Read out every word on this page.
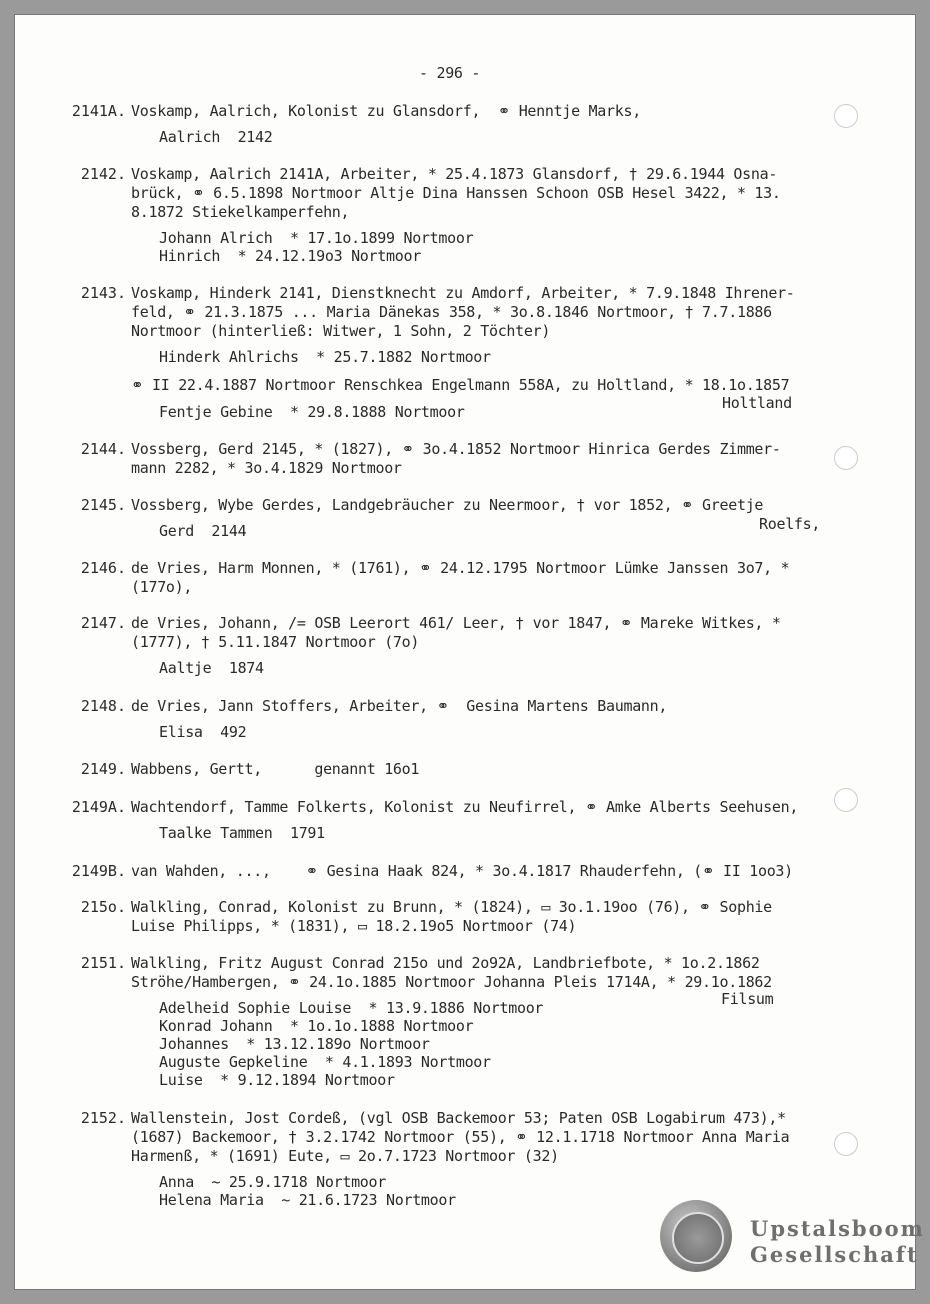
- 296 -
2141A. Voskamp, Aalrich, Kolonist zu Glansdorf,  ⚭ Henntje Marks,
Aalrich  2142
2142. Voskamp, Aalrich 2141A, Arbeiter, * 25.4.1873 Glansdorf, † 29.6.1944 Osna-
brück, ⚭ 6.5.1898 Nortmoor Altje Dina Hanssen Schoon OSB Hesel 3422, * 13.
8.1872 Stiekelkamperfehn,
Johann Alrich  * 17.1o.1899 Nortmoor
Hinrich  * 24.12.19o3 Nortmoor
2143. Voskamp, Hinderk 2141, Dienstknecht zu Amdorf, Arbeiter, * 7.9.1848 Ihrener-
feld, ⚭ 21.3.1875 ... Maria Dänekas 358, * 3o.8.1846 Nortmoor, † 7.7.1886
Nortmoor (hinterließ: Witwer, 1 Sohn, 2 Töchter)
Hinderk Ahlrichs  * 25.7.1882 Nortmoor
⚭ II 22.4.1887 Nortmoor Renschkea Engelmann 558A, zu Holtland, * 18.1o.1857
Holtland
Fentje Gebine  * 29.8.1888 Nortmoor
2144. Vossberg, Gerd 2145, * (1827), ⚭ 3o.4.1852 Nortmoor Hinrica Gerdes Zimmer-
mann 2282, * 3o.4.1829 Nortmoor
2145. Vossberg, Wybe Gerdes, Landgebräucher zu Neermoor, † vor 1852, ⚭ Greetje
Roelfs,
Gerd  2144
2146. de Vries, Harm Monnen, * (1761), ⚭ 24.12.1795 Nortmoor Lümke Janssen 3o7, *
(177o),
2147. de Vries, Johann, /= OSB Leerort 461/ Leer, † vor 1847, ⚭ Mareke Witkes, *
(1777), † 5.11.1847 Nortmoor (7o)
Aaltje  1874
2148. de Vries, Jann Stoffers, Arbeiter, ⚭  Gesina Martens Baumann,
Elisa  492
2149. Wabbens, Gertt,      genannt 16o1
2149A. Wachtendorf, Tamme Folkerts, Kolonist zu Neufirrel, ⚭ Amke Alberts Seehusen,
Taalke Tammen  1791
2149B. van Wahden, ...,    ⚭ Gesina Haak 824, * 3o.4.1817 Rhauderfehn, (⚭ II 1oo3)
215o. Walkling, Conrad, Kolonist zu Brunn, * (1824), ▭ 3o.1.19oo (76), ⚭ Sophie
Luise Philipps, * (1831), ▭ 18.2.19o5 Nortmoor (74)
2151. Walkling, Fritz August Conrad 215o und 2o92A, Landbriefbote, * 1o.2.1862
Ströhe/Hambergen, ⚭ 24.1o.1885 Nortmoor Johanna Pleis 1714A, * 29.1o.1862
Filsum
Adelheid Sophie Louise  * 13.9.1886 Nortmoor
Konrad Johann  * 1o.1o.1888 Nortmoor
Johannes  * 13.12.189o Nortmoor
Auguste Gepkeline  * 4.1.1893 Nortmoor
Luise  * 9.12.1894 Nortmoor
2152. Wallenstein, Jost Cordeß, (vgl OSB Backemoor 53; Paten OSB Logabirum 473),*
(1687) Backemoor, † 3.2.1742 Nortmoor (55), ⚭ 12.1.1718 Nortmoor Anna Maria
Harmenß, * (1691) Eute, ▭ 2o.7.1723 Nortmoor (32)
Anna  ~ 25.9.1718 Nortmoor
Helena Maria  ~ 21.6.1723 Nortmoor
Upstalsboom
Gesellschaft
